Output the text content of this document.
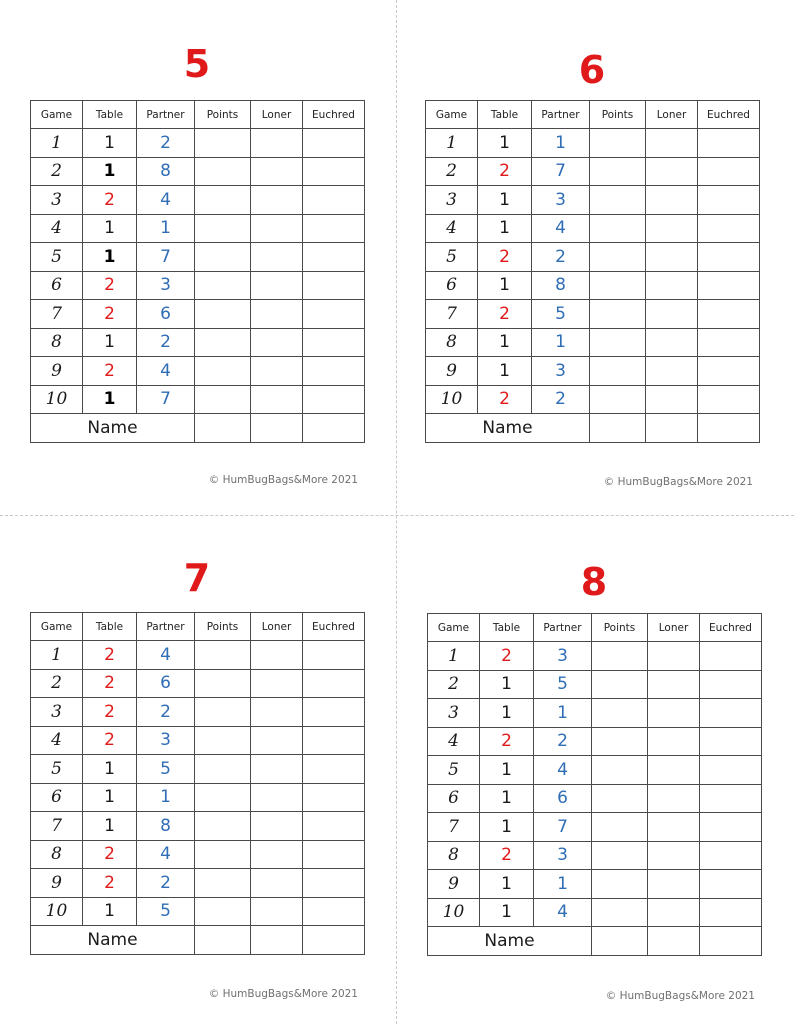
5
Game	Table	Partner	Points	Loner	Euchred
1	1	2			
2	1	8			
3	2	4			
4	1	1			
5	1	7			
6	2	3			
7	2	6			
8	1	2			
9	2	4			
10	1	7			
Name					
© HumBugBags&More 2021
6
Game	Table	Partner	Points	Loner	Euchred
1	1	1			
2	2	7			
3	1	3			
4	1	4			
5	2	2			
6	1	8			
7	2	5			
8	1	1			
9	1	3			
10	2	2			
Name					
© HumBugBags&More 2021
7
Game	Table	Partner	Points	Loner	Euchred
1	2	4			
2	2	6			
3	2	2			
4	2	3			
5	1	5			
6	1	1			
7	1	8			
8	2	4			
9	2	2			
10	1	5			
Name					
© HumBugBags&More 2021
8
Game	Table	Partner	Points	Loner	Euchred
1	2	3			
2	1	5			
3	1	1			
4	2	2			
5	1	4			
6	1	6			
7	1	7			
8	2	3			
9	1	1			
10	1	4			
Name					
© HumBugBags&More 2021
